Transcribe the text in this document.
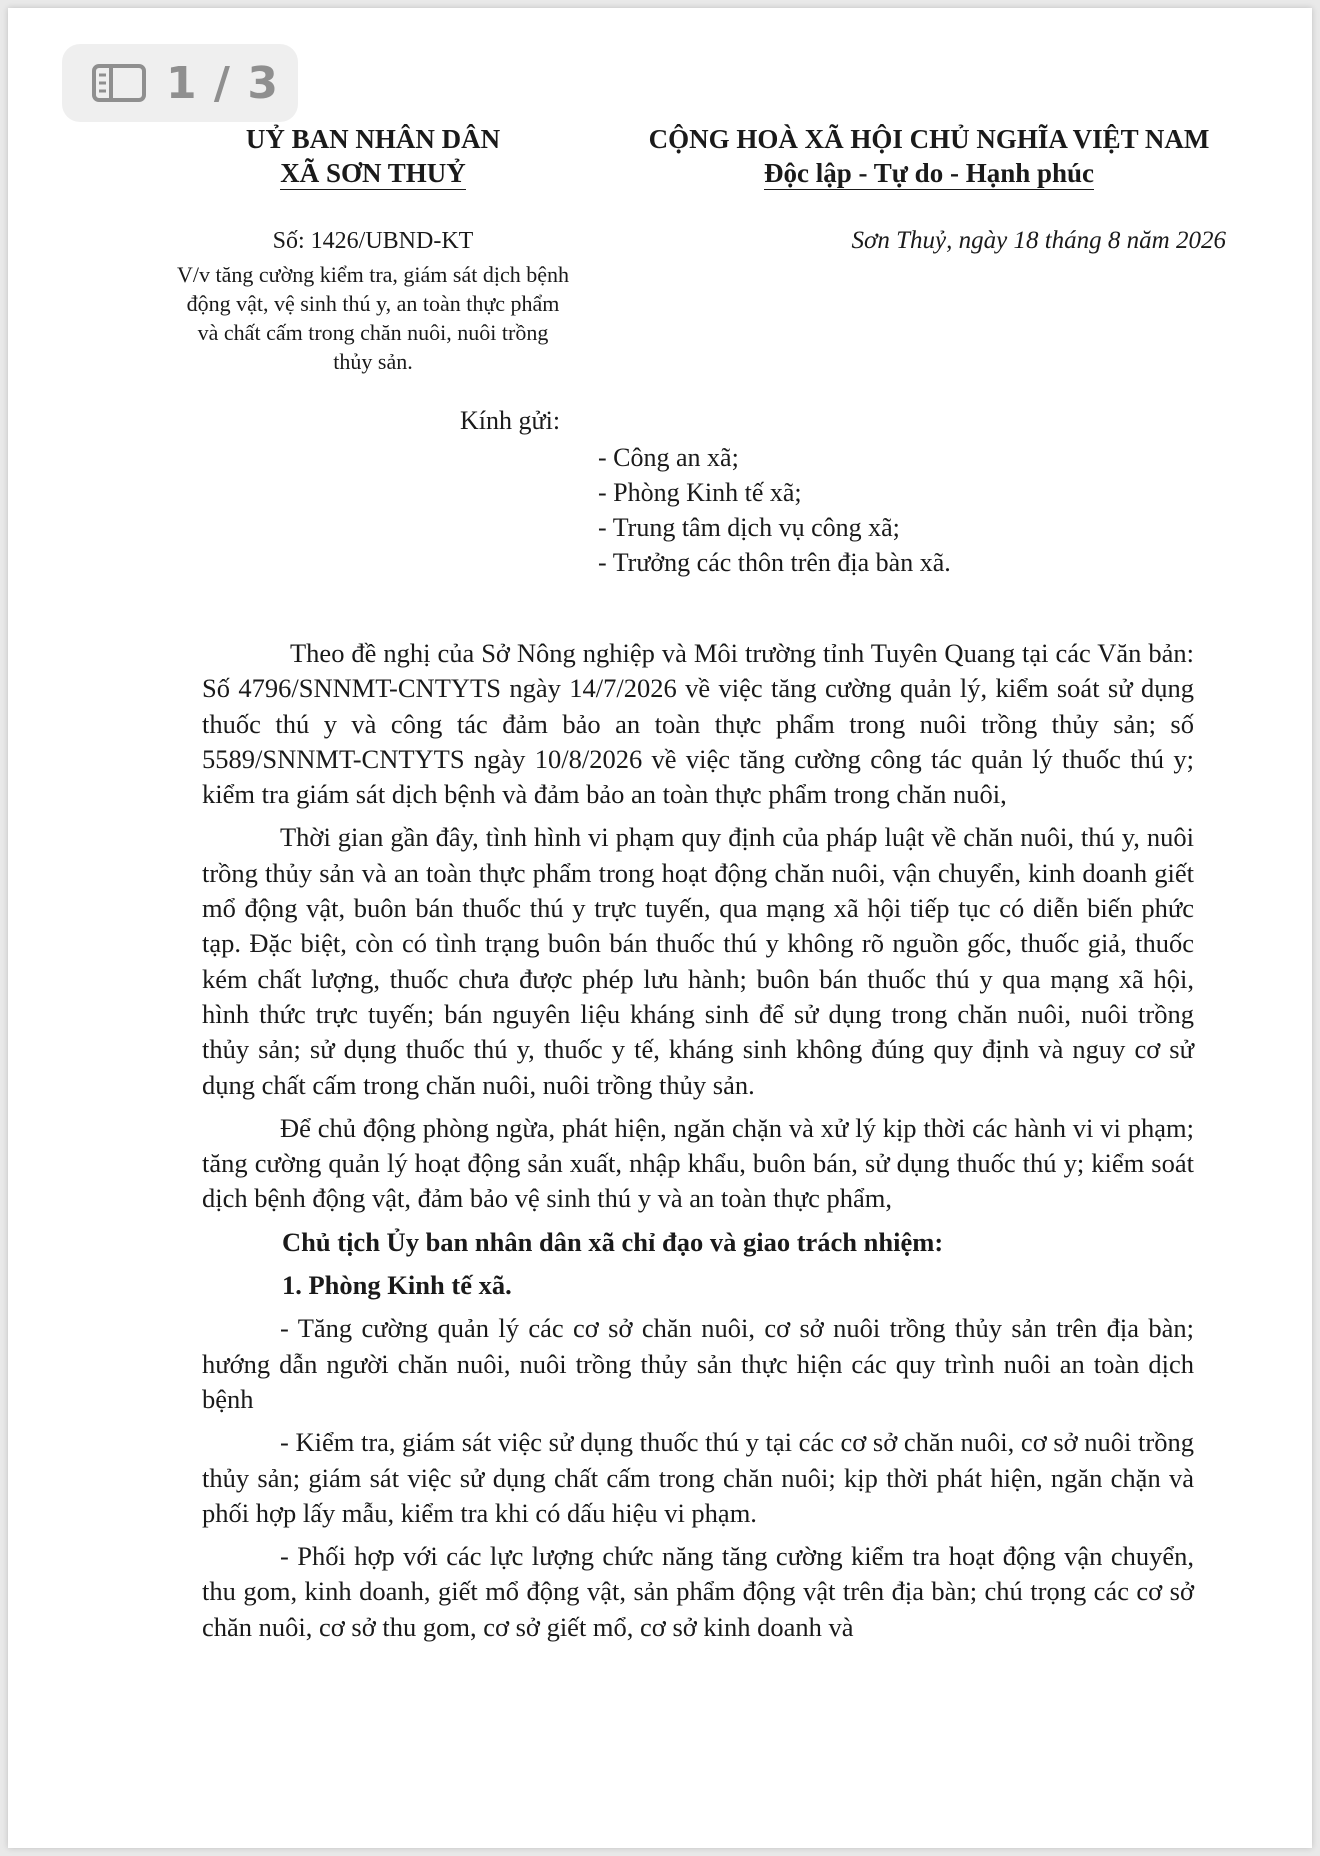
1 / 3
UỶ BAN NHÂN DÂN
XÃ SƠN THUỶ
Số: 1426/UBND-KT
V/v tăng cường kiểm tra, giám sát dịch bệnh động vật, vệ sinh thú y, an toàn thực phẩm và chất cấm trong chăn nuôi, nuôi trồng thủy sản.
CỘNG HOÀ XÃ HỘI CHỦ NGHĨA VIỆT NAM
Độc lập - Tự do - Hạnh phúc
Sơn Thuỷ, ngày 18 tháng 8 năm 2026
Kính gửi:
- Công an xã;
- Phòng Kinh tế xã;
- Trung tâm dịch vụ công xã;
- Trưởng các thôn trên địa bàn xã.

Theo đề nghị của Sở Nông nghiệp và Môi trường tỉnh Tuyên Quang tại các Văn bản: Số 4796/SNNMT-CNTYTS ngày 14/7/2026 về việc tăng cường quản lý, kiểm soát sử dụng thuốc thú y và công tác đảm bảo an toàn thực phẩm trong nuôi trồng thủy sản; số 5589/SNNMT-CNTYTS ngày 10/8/2026 về việc tăng cường công tác quản lý thuốc thú y; kiểm tra giám sát dịch bệnh và đảm bảo an toàn thực phẩm trong chăn nuôi,

Thời gian gần đây, tình hình vi phạm quy định của pháp luật về chăn nuôi, thú y, nuôi trồng thủy sản và an toàn thực phẩm trong hoạt động chăn nuôi, vận chuyển, kinh doanh giết mổ động vật, buôn bán thuốc thú y trực tuyến, qua mạng xã hội tiếp tục có diễn biến phức tạp. Đặc biệt, còn có tình trạng buôn bán thuốc thú y không rõ nguồn gốc, thuốc giả, thuốc kém chất lượng, thuốc chưa được phép lưu hành; buôn bán thuốc thú y qua mạng xã hội, hình thức trực tuyến; bán nguyên liệu kháng sinh để sử dụng trong chăn nuôi, nuôi trồng thủy sản; sử dụng thuốc thú y, thuốc y tế, kháng sinh không đúng quy định và nguy cơ sử dụng chất cấm trong chăn nuôi, nuôi trồng thủy sản.

Để chủ động phòng ngừa, phát hiện, ngăn chặn và xử lý kịp thời các hành vi vi phạm; tăng cường quản lý hoạt động sản xuất, nhập khẩu, buôn bán, sử dụng thuốc thú y; kiểm soát dịch bệnh động vật, đảm bảo vệ sinh thú y và an toàn thực phẩm,

Chủ tịch Ủy ban nhân dân xã chỉ đạo và giao trách nhiệm:

1. Phòng Kinh tế xã.

- Tăng cường quản lý các cơ sở chăn nuôi, cơ sở nuôi trồng thủy sản trên địa bàn; hướng dẫn người chăn nuôi, nuôi trồng thủy sản thực hiện các quy trình nuôi an toàn dịch bệnh

- Kiểm tra, giám sát việc sử dụng thuốc thú y tại các cơ sở chăn nuôi, cơ sở nuôi trồng thủy sản; giám sát việc sử dụng chất cấm trong chăn nuôi; kịp thời phát hiện, ngăn chặn và phối hợp lấy mẫu, kiểm tra khi có dấu hiệu vi phạm.

- Phối hợp với các lực lượng chức năng tăng cường kiểm tra hoạt động vận chuyển, thu gom, kinh doanh, giết mổ động vật, sản phẩm động vật trên địa bàn; chú trọng các cơ sở chăn nuôi, cơ sở thu gom, cơ sở giết mổ, cơ sở kinh doanh và
